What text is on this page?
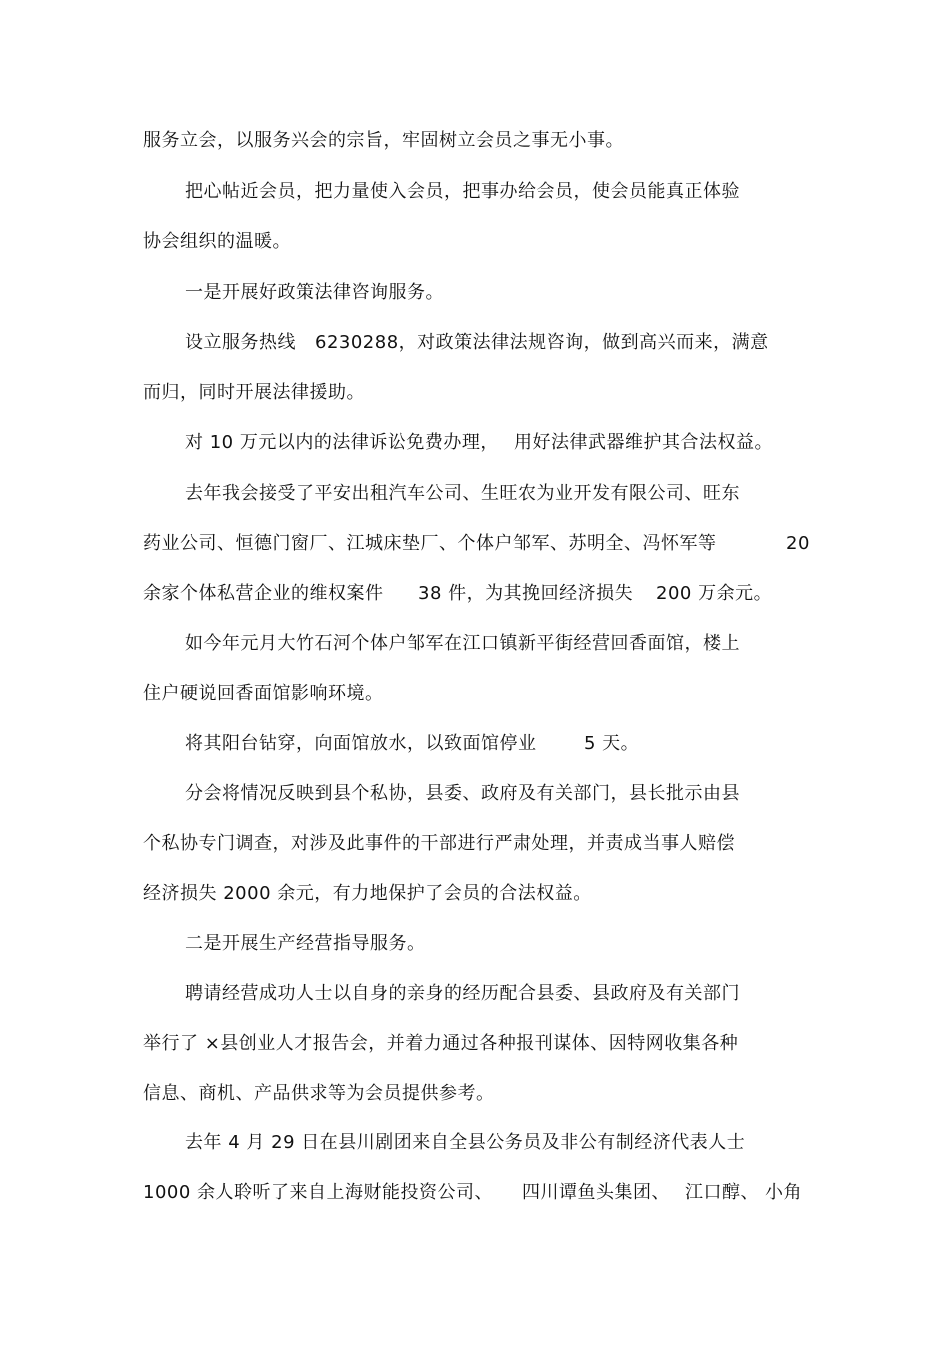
服务立会，以服务兴会的宗旨，牢固树立会员之事无小事。
把心帖近会员，把力量使入会员，把事办给会员，使会员能真正体验
协会组织的温暖。
一是开展好政策法律咨询服务。
设立服务热线 6230288，对政策法律法规咨询，做到高兴而来，满意
而归，同时开展法律援助。
对 10 万元以内的法律诉讼免费办理， 用好法律武器维护其合法权益。
去年我会接受了平安出租汽车公司、生旺农为业开发有限公司、旺东
药业公司、恒德门窗厂、江城床垫厂、个体户邹军、苏明全、冯怀军等	20
余家个体私营企业的维权案件 38 件，为其挽回经济损失 200 万余元。
如今年元月大竹石河个体户邹军在江口镇新平街经营回香面馆，楼上
住户硬说回香面馆影响环境。
将其阳台钻穿，向面馆放水，以致面馆停业	5 天。
分会将情况反映到县个私协，县委、政府及有关部门，县长批示由县
个私协专门调查，对涉及此事件的干部进行严肃处理，并责成当事人赔偿
经济损失 2000 余元，有力地保护了会员的合法权益。
二是开展生产经营指导服务。
聘请经营成功人士以自身的亲身的经历配合县委、县政府及有关部门
举行了 ×县创业人才报告会，并着力通过各种报刊谋体、因特网收集各种
信息、商机、产品供求等为会员提供参考。
去年 4 月 29 日在县川剧团来自全县公务员及非公有制经济代表人士
1000 余人聆听了来自上海财能投资公司、 四川谭鱼头集团、 江口醇、 小角
